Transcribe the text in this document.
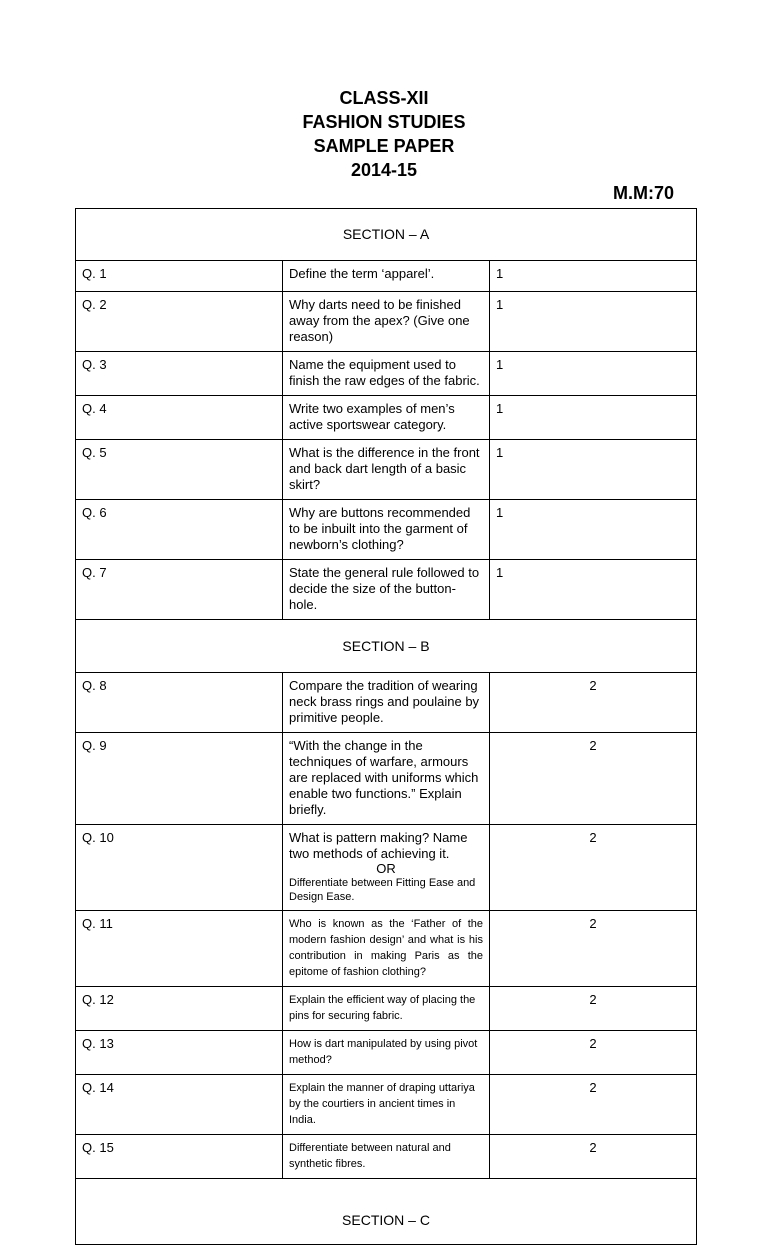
CLASS-XII
FASHION STUDIES
SAMPLE PAPER
2014-15
M.M:70
SECTION – A		
Q. 1	Define the term ‘apparel’.	1
Q. 2	Why darts need to be finished away from the apex? (Give one reason)	1
Q. 3	Name the equipment used to finish the raw edges of the fabric.	1
Q. 4	Write two examples of men’s active sportswear category.	1
Q. 5	What is the difference in the front and back dart length of a basic skirt?	1
Q. 6	Why are buttons recommended to be inbuilt into the garment of newborn’s clothing?	1
Q. 7	State the general rule followed to decide the size of the button-hole.	1
SECTION – B		
Q. 8	Compare the tradition of wearing neck brass rings and poulaine by primitive people.	2
Q. 9	“With the change in the techniques of warfare, armours are replaced with uniforms which enable two functions.” Explain briefly.	2
Q. 10	What is pattern making? Name two methods of achieving it.
OR
Differentiate between Fitting Ease and Design Ease.	2
Q. 11	Who is known as the ‘Father of the modern fashion design’ and what is his contribution in making Paris as the epitome of fashion clothing?	2
Q. 12	Explain the efficient way of placing the pins for securing fabric.	2
Q. 13	How is dart manipulated by using pivot method?	2
Q. 14	Explain the manner of draping uttariya by the courtiers in ancient times in India.	2
Q. 15	Differentiate between natural and synthetic fibres.	2
SECTION – C		
